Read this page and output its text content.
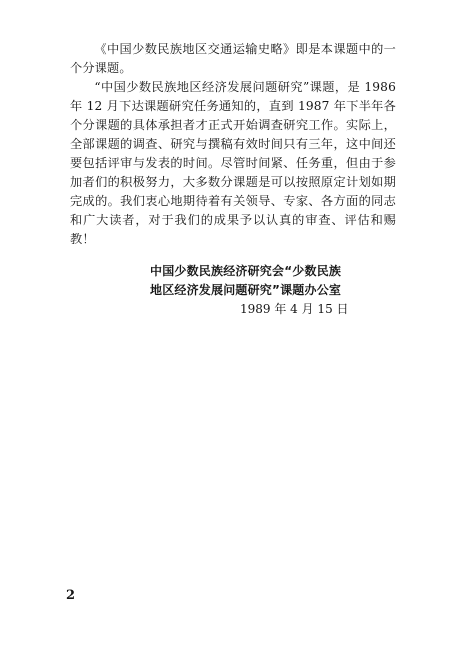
《中国少数民族地区交通运输史略》即是本课题中的一个分课题。

“中国少数民族地区经济发展问题研究”课题，是 1986 年 12 月下达课题研究任务通知的，直到 1987 年下半年各个分课题的具体承担者才正式开始调查研究工作。实际上，全部课题的调查、研究与撰稿有效时间只有三年，这中间还要包括评审与发表的时间。尽管时间紧、任务重，但由于参加者们的积极努力，大多数分课题是可以按照原定计划如期完成的。我们衷心地期待着有关领导、专家、各方面的同志和广大读者，对于我们的成果予以认真的审查、评估和赐教！

中国少数民族经济研究会“少数民族
地区经济发展问题研究”课题办公室
1989 年 4 月 15 日
2
